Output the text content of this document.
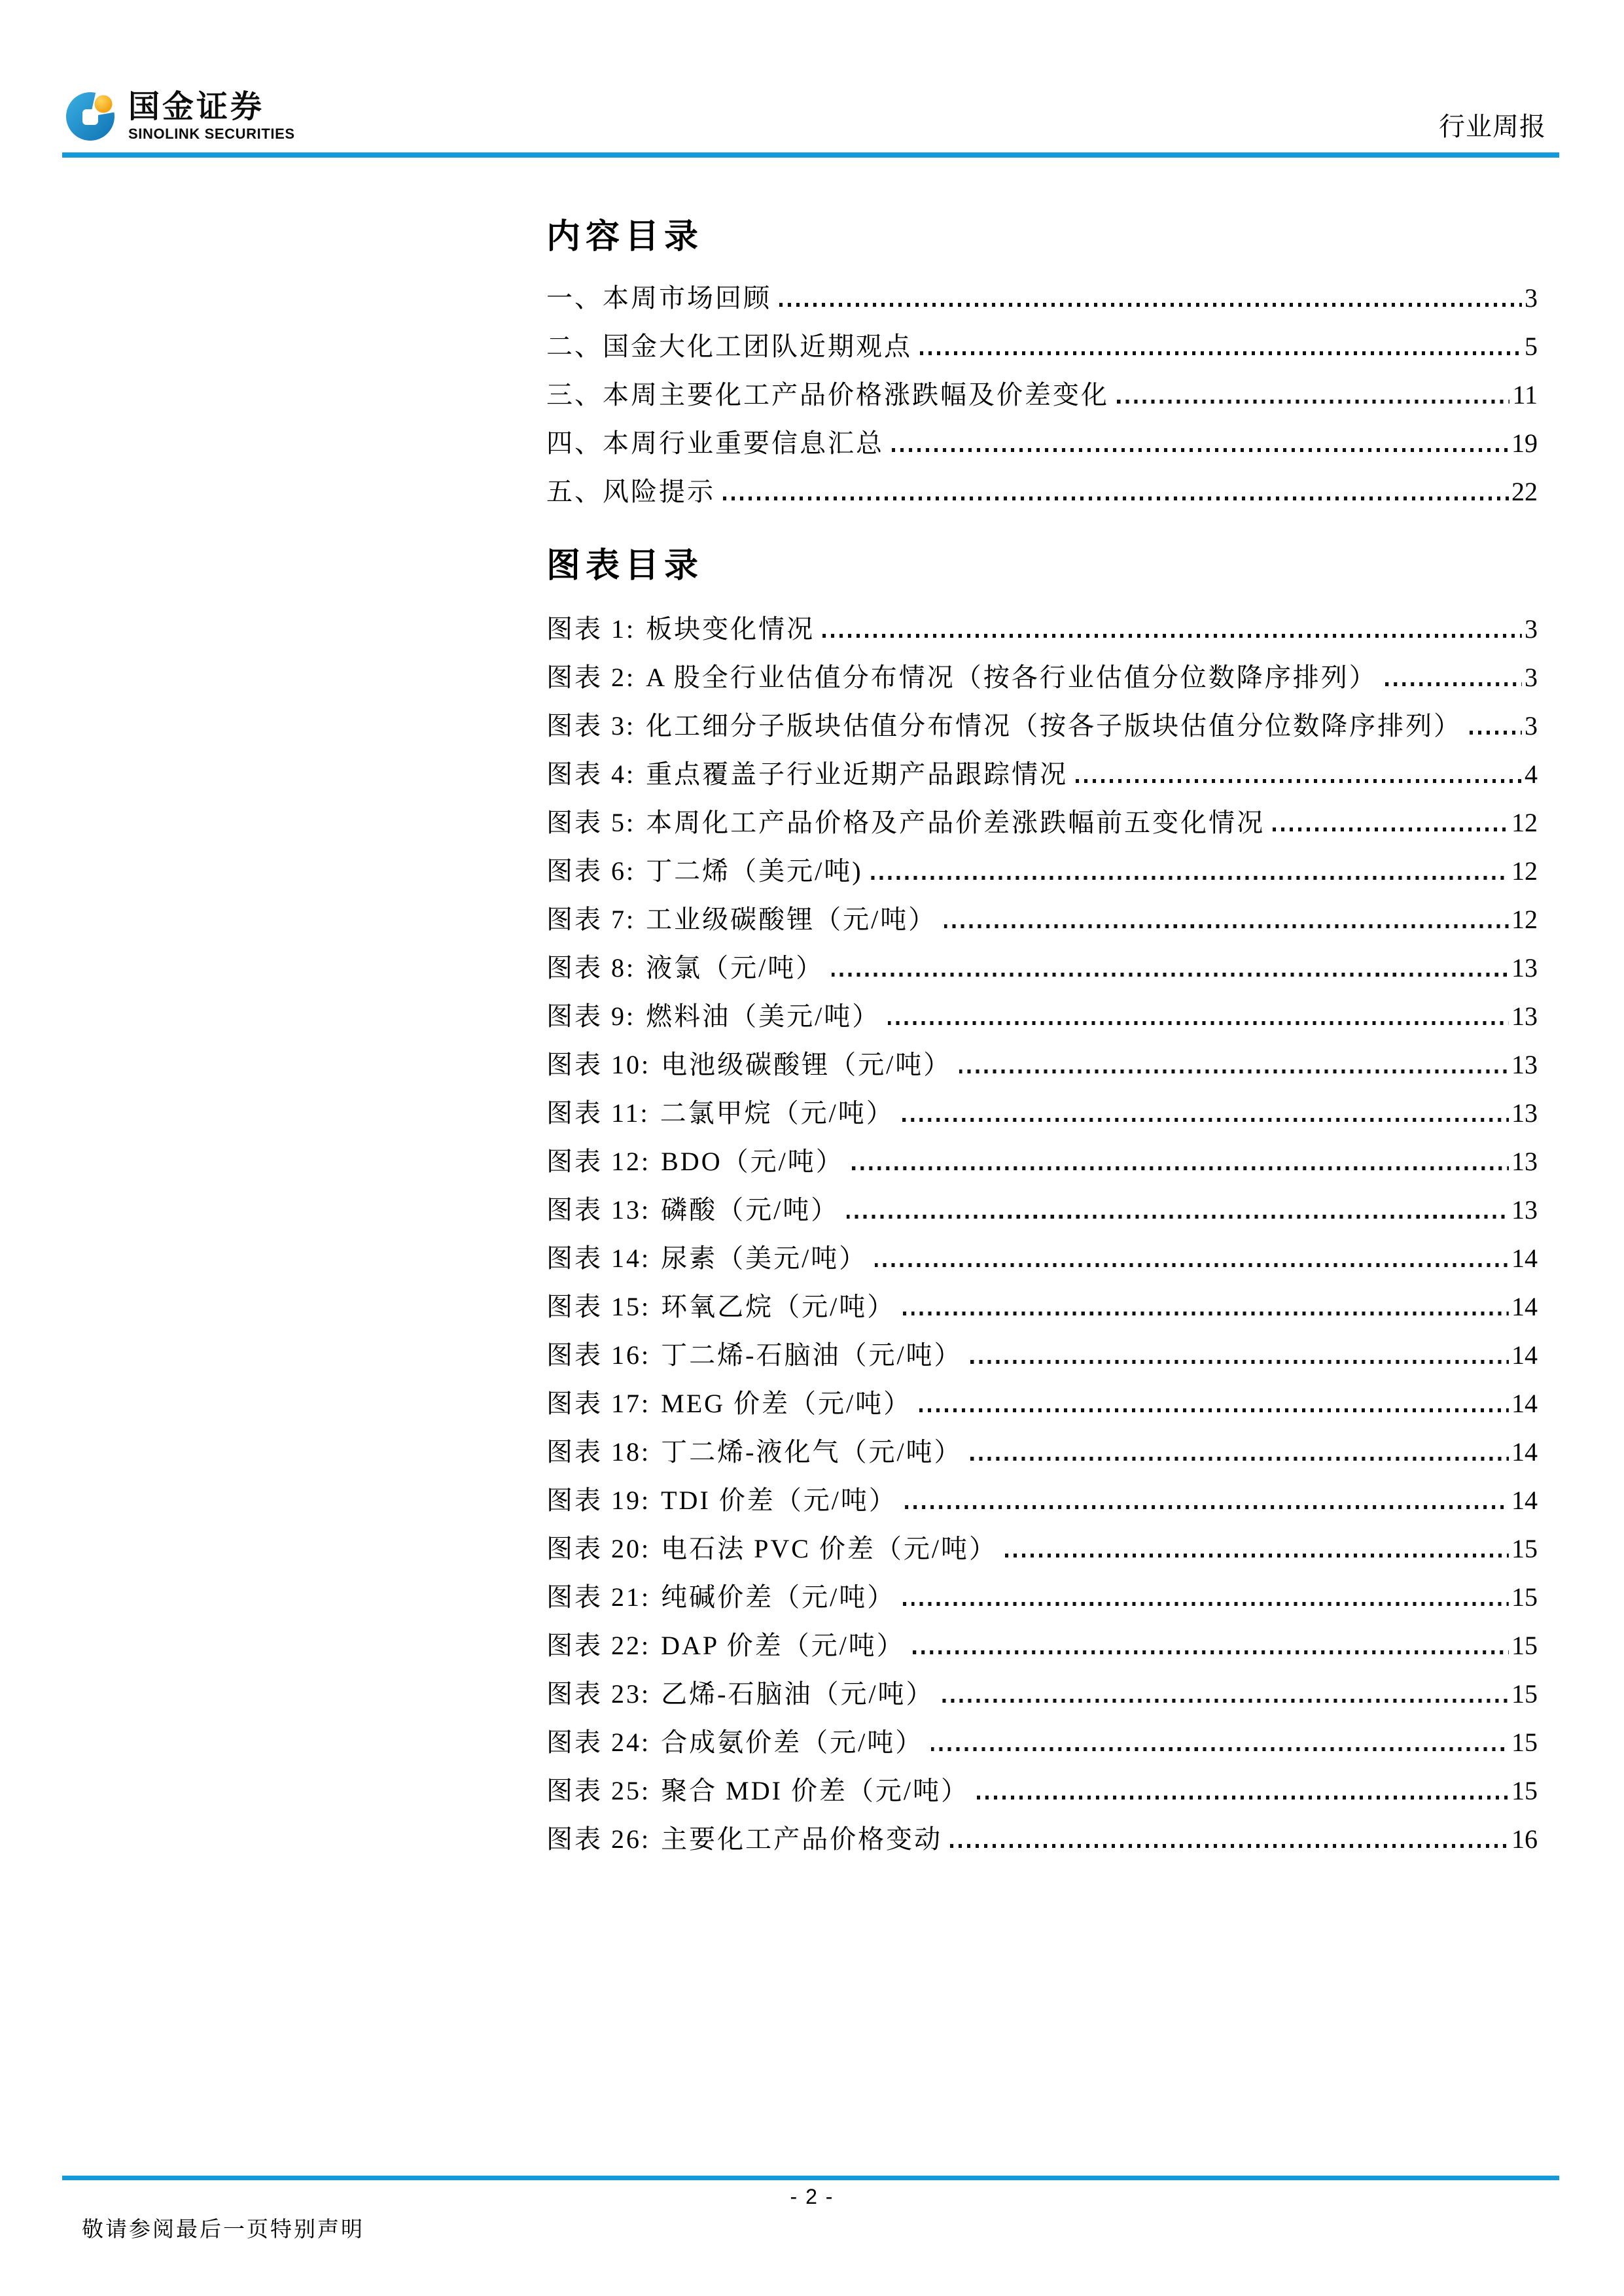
国金证券
SINOLINK SECURITIES	行业周报
内容目录
一、本周市场回顾	3
二、国金大化工团队近期观点	5
三、本周主要化工产品价格涨跌幅及价差变化	11
四、本周行业重要信息汇总	19
五、风险提示	22
图表目录
图表 1: 板块变化情况	3
图表 2: A 股全行业估值分布情况（按各行业估值分位数降序排列）	3
图表 3: 化工细分子版块估值分布情况（按各子版块估值分位数降序排列） 3
图表 4: 重点覆盖子行业近期产品跟踪情况	4
图表 5: 本周化工产品价格及产品价差涨跌幅前五变化情况	12
图表 6: 丁二烯（美元/吨)	12
图表 7: 工业级碳酸锂（元/吨）	12
图表 8: 液氯（元/吨）	13
图表 9: 燃料油（美元/吨）	13
图表 10: 电池级碳酸锂（元/吨）	13
图表 11: 二氯甲烷（元/吨）	13
图表 12: BDO（元/吨）	13
图表 13: 磷酸（元/吨）	13
图表 14: 尿素（美元/吨）	14
图表 15: 环氧乙烷（元/吨）	14
图表 16: 丁二烯-石脑油（元/吨）	14
图表 17: MEG 价差（元/吨）	14
图表 18: 丁二烯-液化气（元/吨）	14
图表 19: TDI 价差（元/吨）	14
图表 20: 电石法 PVC 价差（元/吨）	15
图表 21: 纯碱价差（元/吨）	15
图表 22: DAP 价差（元/吨）	15
图表 23: 乙烯-石脑油（元/吨）	15
图表 24: 合成氨价差（元/吨）	15
图表 25: 聚合 MDI 价差（元/吨）	15
图表 26: 主要化工产品价格变动	16
- 2 -
敬请参阅最后一页特别声明
